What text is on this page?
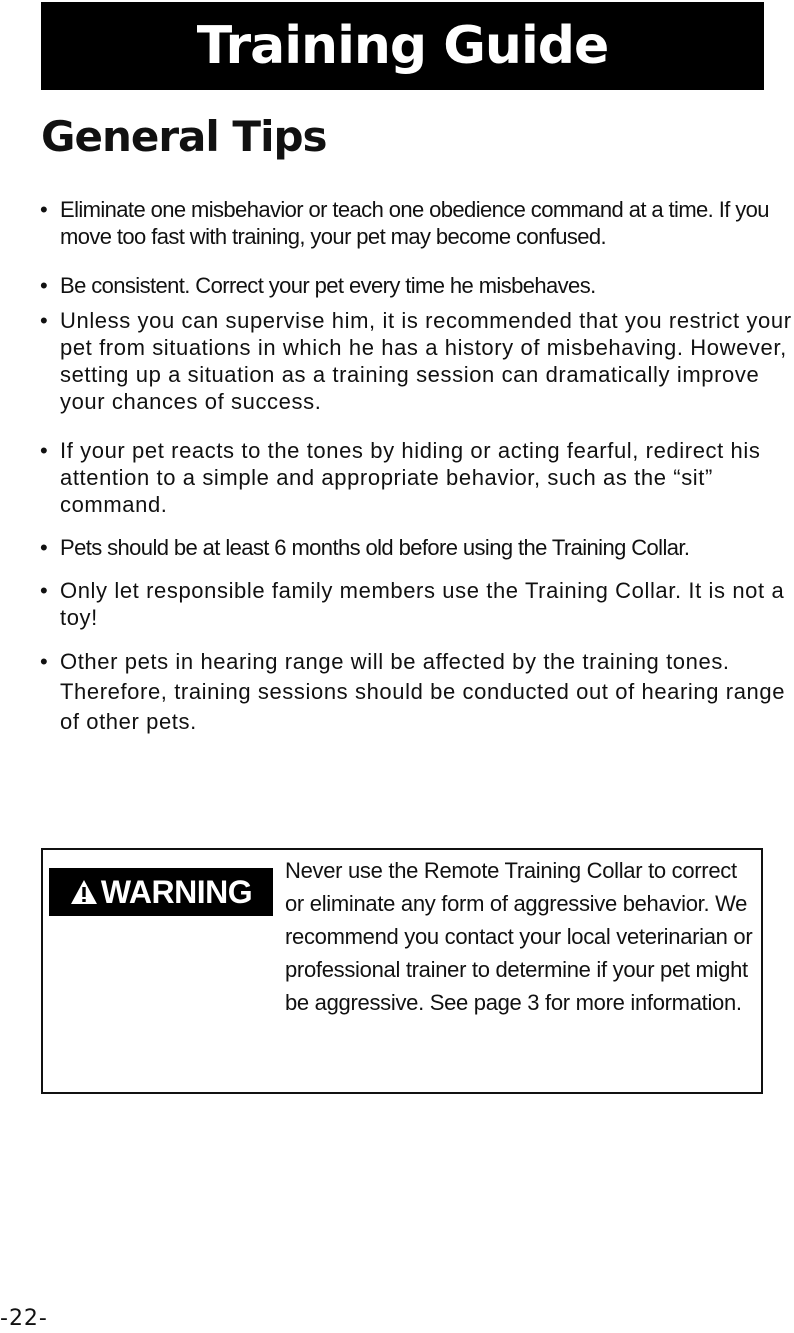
Training Guide
General Tips
• Eliminate one misbehavior or teach one obedience command at a time. If you move too fast with training, your pet may become confused.
• Be consistent. Correct your pet every time he misbehaves.
• Unless you can supervise him, it is recommended that you restrict your pet from situations in which he has a history of misbehaving. However, setting up a situation as a training session can dramatically improve your chances of success.
• If your pet reacts to the tones by hiding or acting fearful, redirect his attention to a simple and appropriate behavior, such as the “sit” command.
• Pets should be at least 6 months old before using the Training Collar.
• Only let responsible family members use the Training Collar. It is not a toy!
• Other pets in hearing range will be affected by the training tones. Therefore, training sessions should be conducted out of hearing range of other pets.
WARNING

Never use the Remote Training Collar to correct or eliminate any form of aggressive behavior. We recommend you contact your local veterinarian or professional trainer to determine if your pet might be aggressive. See page 3 for more information.

-22-
